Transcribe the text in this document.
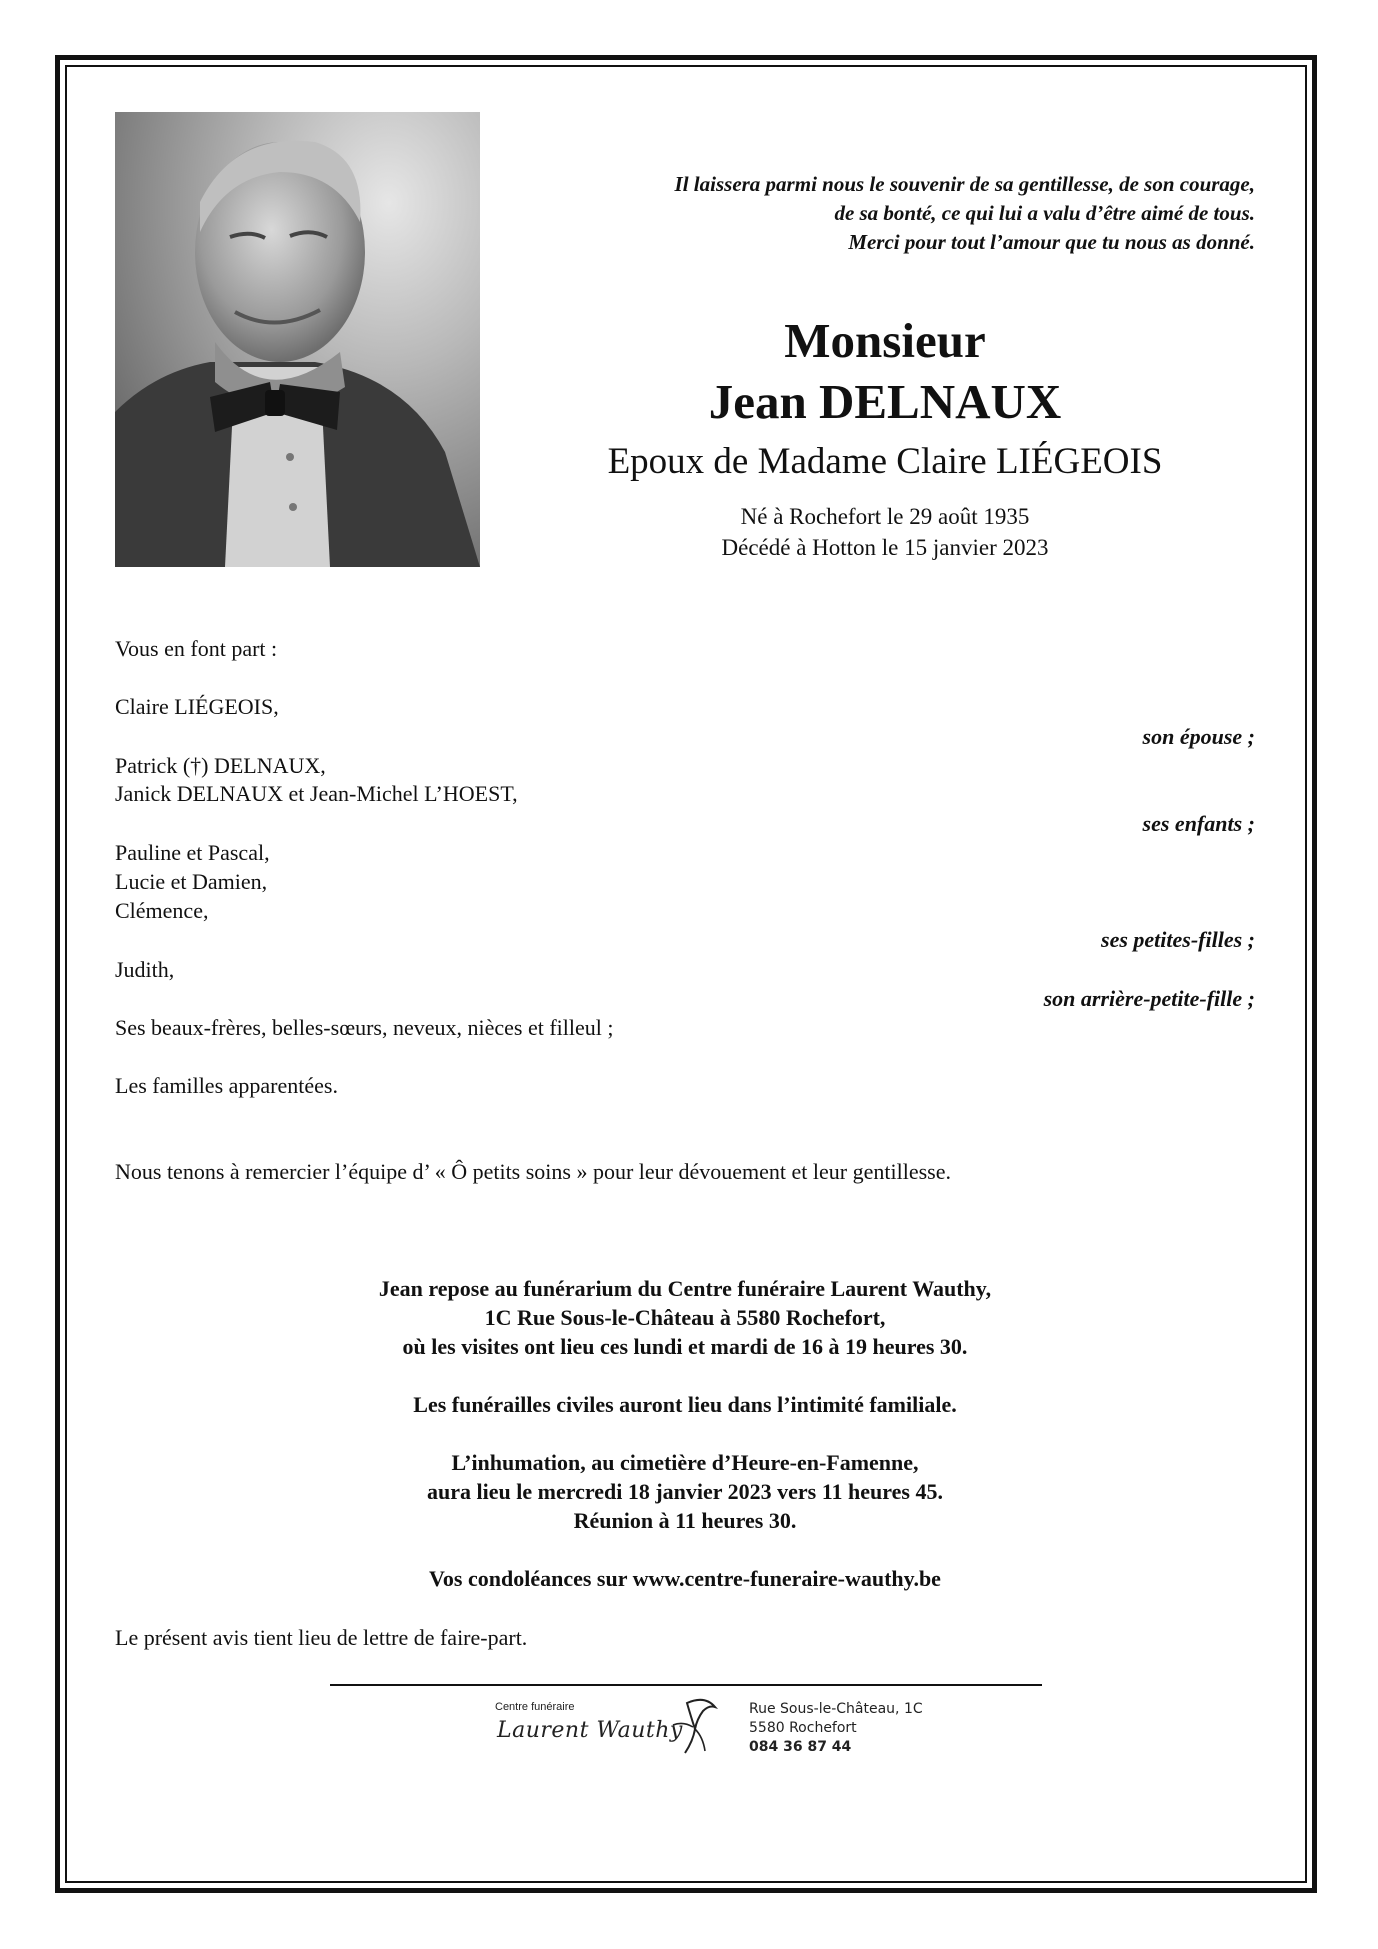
Il laissera parmi nous le souvenir de sa gentillesse, de son courage,
de sa bonté, ce qui lui a valu d’être aimé de tous.
Merci pour tout l’amour que tu nous as donné.
Monsieur
Jean DELNAUX
Epoux de Madame Claire LIÉGEOIS
Né à Rochefort le 29 août 1935
Décédé à Hotton le 15 janvier 2023
Vous en font part :
Claire LIÉGEOIS,
son épouse ;
Patrick (†) DELNAUX,
Janick DELNAUX et Jean-Michel L’HOEST,
ses enfants ;
Pauline et Pascal,
Lucie et Damien,
Clémence,
ses petites-filles ;
Judith,
son arrière-petite-fille ;
Ses beaux-frères, belles-sœurs, neveux, nièces et filleul ;
Les familles apparentées.
Nous tenons à remercier l’équipe d’ « Ô petits soins » pour leur dévouement et leur gentillesse.
Jean repose au funérarium du Centre funéraire Laurent Wauthy,
1C Rue Sous-le-Château à 5580 Rochefort,
où les visites ont lieu ces lundi et mardi de 16 à 19 heures 30.
Les funérailles civiles auront lieu dans l’intimité familiale.
L’inhumation, au cimetière d’Heure-en-Famenne,
aura lieu le mercredi 18 janvier 2023 vers 11 heures 45.
Réunion à 11 heures 30.
Vos condoléances sur www.centre-funeraire-wauthy.be
Le présent avis tient lieu de lettre de faire-part.
Centre funéraire
Laurent Wauthy
Rue Sous-le-Château, 1C
5580 Rochefort
084 36 87 44
